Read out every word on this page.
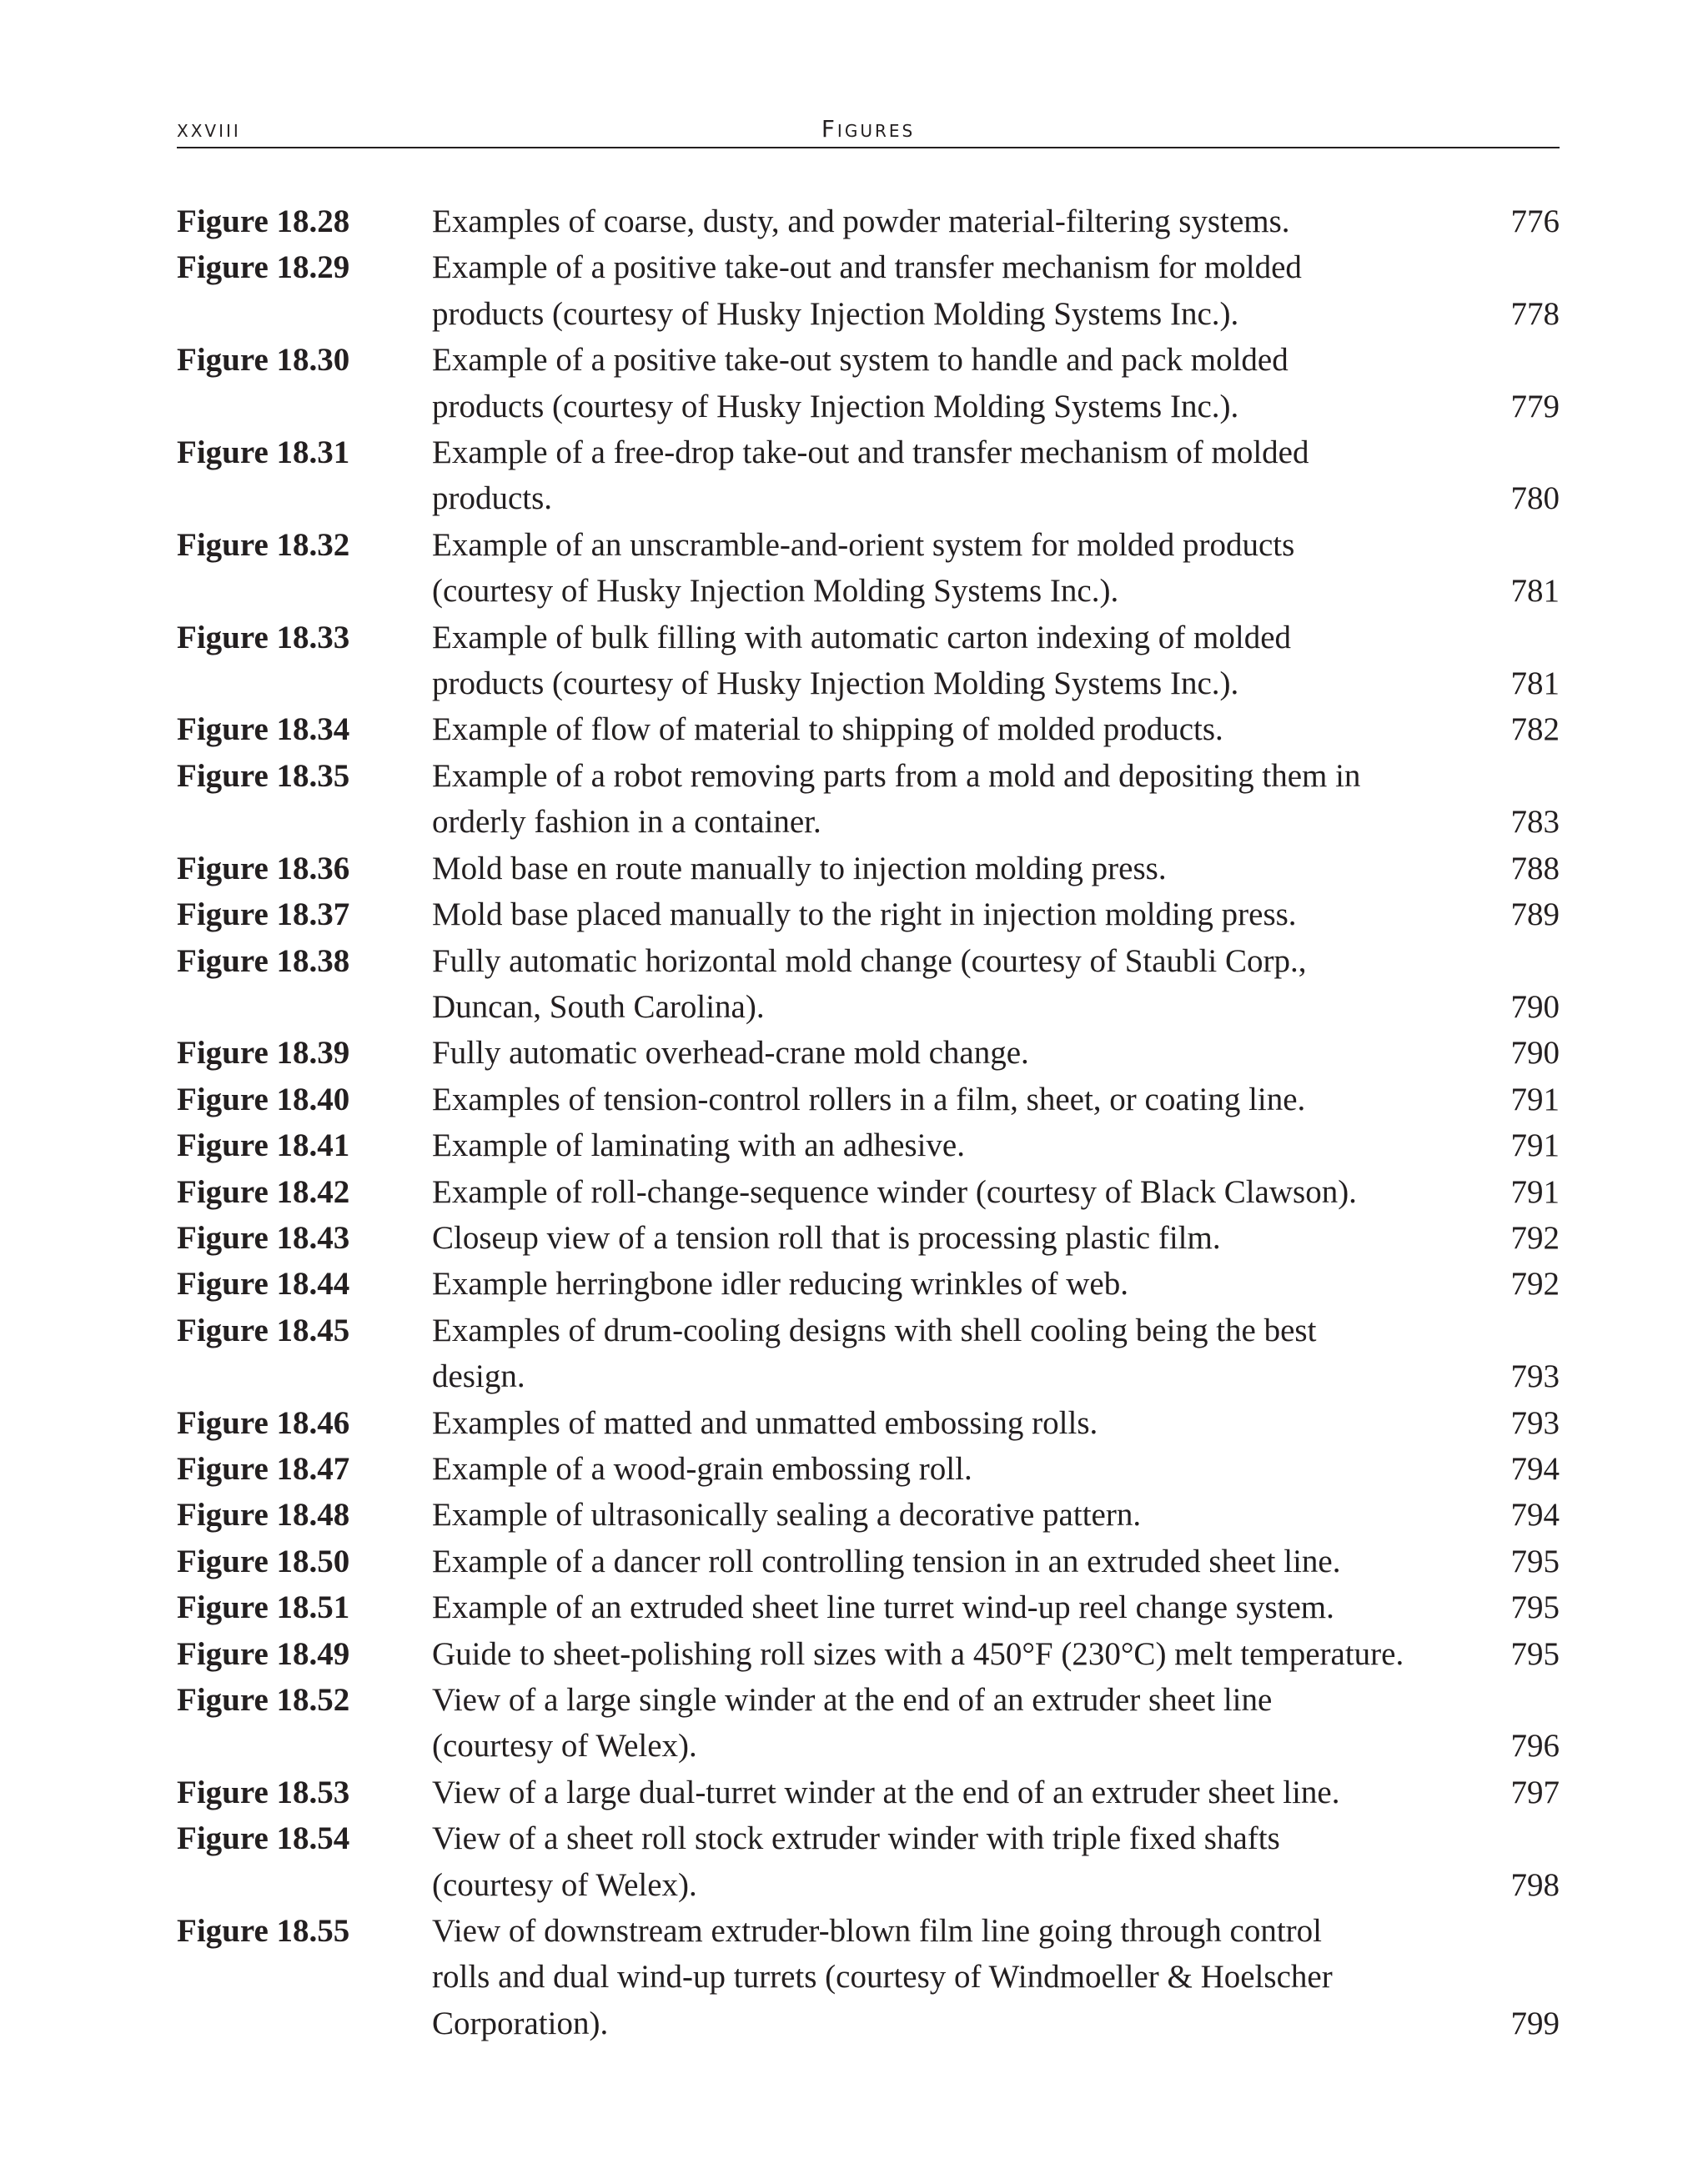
xxviii	Figures
Figure 18.28	Examples of coarse, dusty, and powder material-filtering systems.	776
Figure 18.29	Example of a positive take-out and transfer mechanism for molded
products (courtesy of Husky Injection Molding Systems Inc.).	778
Figure 18.30	Example of a positive take-out system to handle and pack molded
products (courtesy of Husky Injection Molding Systems Inc.).	779
Figure 18.31	Example of a free-drop take-out and transfer mechanism of molded
products.	780
Figure 18.32	Example of an unscramble-and-orient system for molded products
(courtesy of Husky Injection Molding Systems Inc.).	781
Figure 18.33	Example of bulk filling with automatic carton indexing of molded
products (courtesy of Husky Injection Molding Systems Inc.).	781
Figure 18.34	Example of flow of material to shipping of molded products.	782
Figure 18.35	Example of a robot removing parts from a mold and depositing them in
orderly fashion in a container.	783
Figure 18.36	Mold base en route manually to injection molding press.	788
Figure 18.37	Mold base placed manually to the right in injection molding press.	789
Figure 18.38	Fully automatic horizontal mold change (courtesy of Staubli Corp.,
Duncan, South Carolina).	790
Figure 18.39	Fully automatic overhead-crane mold change.	790
Figure 18.40	Examples of tension-control rollers in a film, sheet, or coating line.	791
Figure 18.41	Example of laminating with an adhesive.	791
Figure 18.42	Example of roll-change-sequence winder (courtesy of Black Clawson).	791
Figure 18.43	Closeup view of a tension roll that is processing plastic film.	792
Figure 18.44	Example herringbone idler reducing wrinkles of web.	792
Figure 18.45	Examples of drum-cooling designs with shell cooling being the best
design.	793
Figure 18.46	Examples of matted and unmatted embossing rolls.	793
Figure 18.47	Example of a wood-grain embossing roll.	794
Figure 18.48	Example of ultrasonically sealing a decorative pattern.	794
Figure 18.50	Example of a dancer roll controlling tension in an extruded sheet line.	795
Figure 18.51	Example of an extruded sheet line turret wind-up reel change system.	795
Figure 18.49	Guide to sheet-polishing roll sizes with a 450°F (230°C) melt temperature.	795
Figure 18.52	View of a large single winder at the end of an extruder sheet line
(courtesy of Welex).	796
Figure 18.53	View of a large dual-turret winder at the end of an extruder sheet line.	797
Figure 18.54	View of a sheet roll stock extruder winder with triple fixed shafts
(courtesy of Welex).	798
Figure 18.55	View of downstream extruder-blown film line going through control
rolls and dual wind-up turrets (courtesy of Windmoeller & Hoelscher
Corporation).	799
